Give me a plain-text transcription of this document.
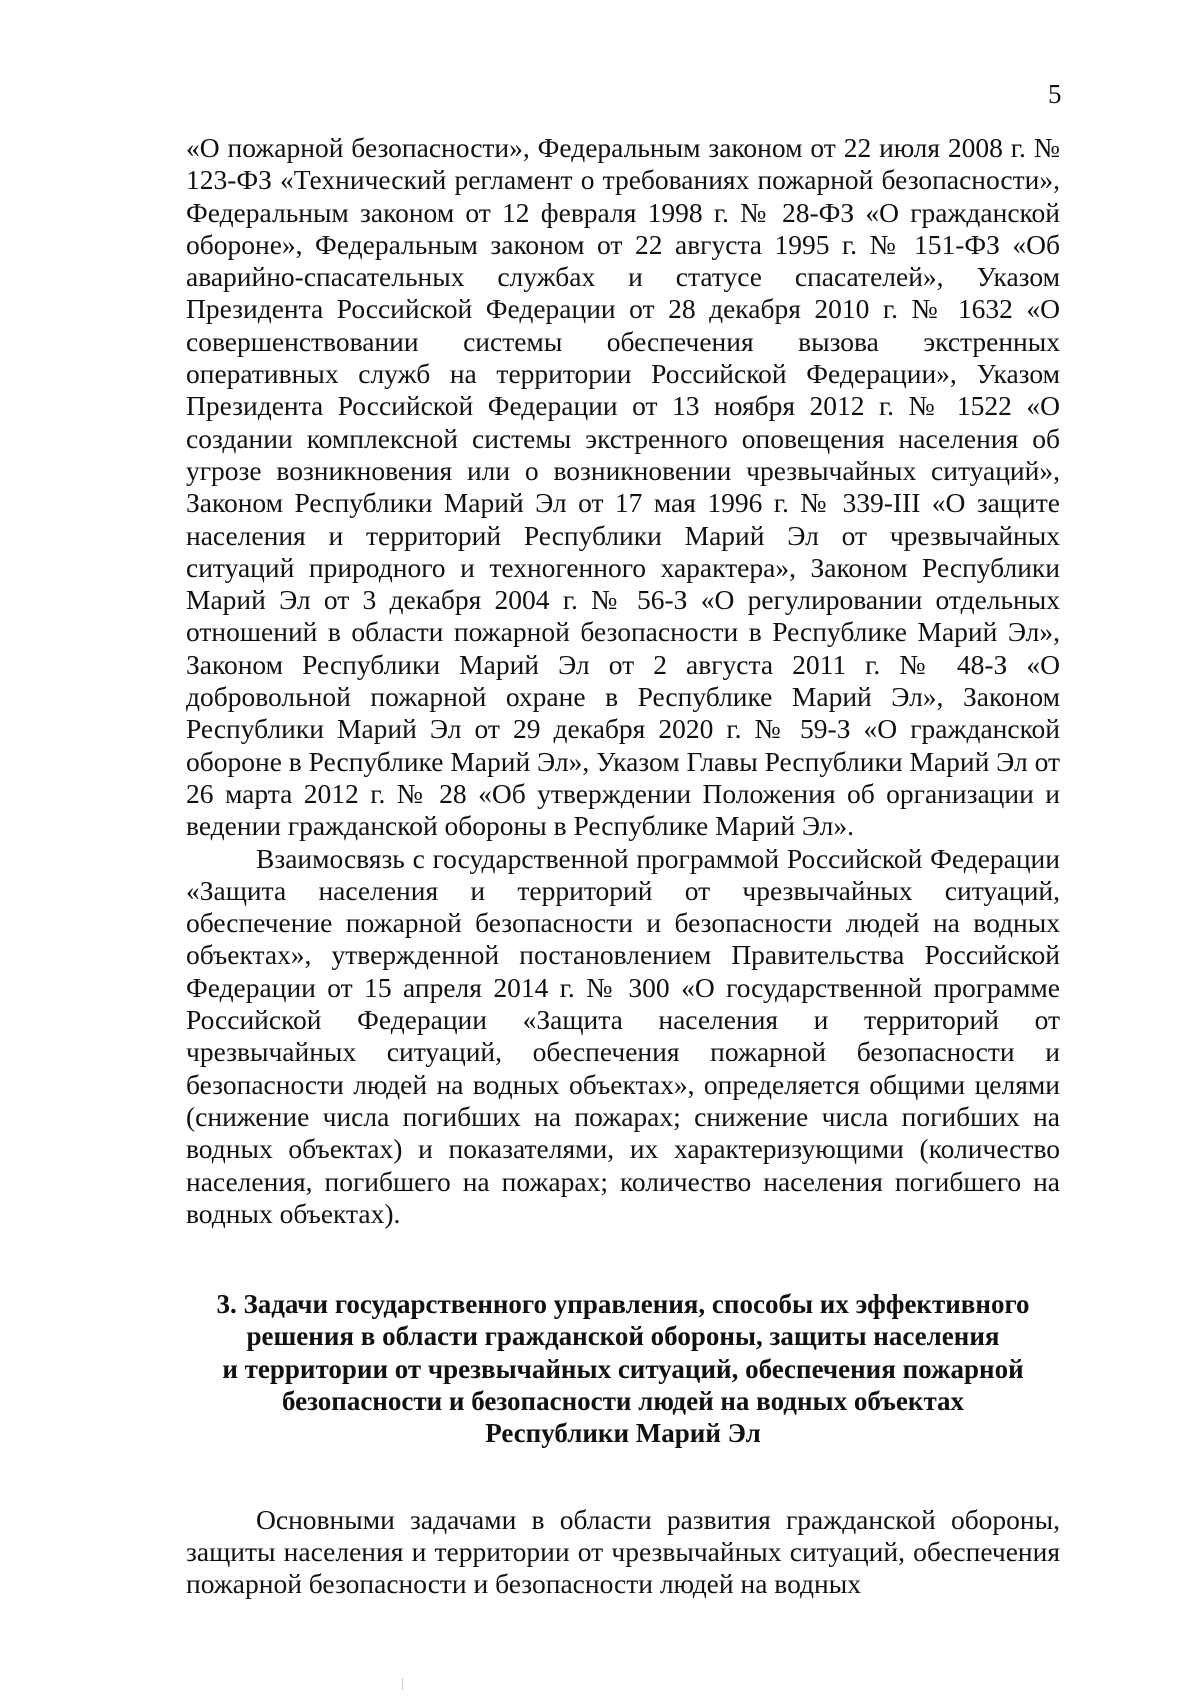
5

«О пожарной безопасности», Федеральным законом от 22 июля 2008 г. № 123-ФЗ «Технический регламент о требованиях пожарной безопасности», Федеральным законом от 12 февраля 1998 г. № 28-ФЗ «О гражданской обороне», Федеральным законом от 22 августа 1995 г. № 151-ФЗ «Об аварийно-спасательных службах и статусе спасателей», Указом Президента Российской Федерации от 28 декабря 2010 г. № 1632 «О совершенствовании системы обеспечения вызова экстренных оперативных служб на территории Российской Федерации», Указом Президента Российской Федерации от 13 ноября 2012 г. № 1522 «О создании комплексной системы экстренного оповещения населения об угрозе возникновения или о возникновении чрезвычайных ситуаций», Законом Республики Марий Эл от 17 мая 1996 г. № 339-III «О защите населения и территорий Республики Марий Эл от чрезвычайных ситуаций природного и техногенного характера», Законом Республики Марий Эл от 3 декабря 2004 г. № 56-З «О регулировании отдельных отношений в области пожарной безопасности в Республике Марий Эл», Законом Республики Марий Эл от 2 августа 2011 г. № 48-З «О добровольной пожарной охране в Республике Марий Эл», Законом Республики Марий Эл от 29 декабря 2020 г. № 59-З «О гражданской обороне в Республике Марий Эл», Указом Главы Республики Марий Эл от 26 марта 2012 г. № 28 «Об утверждении Положения об организации и ведении гражданской обороны в Республике Марий Эл».

Взаимосвязь с государственной программой Российской Федерации «Защита населения и территорий от чрезвычайных ситуаций, обеспечение пожарной безопасности и безопасности людей на водных объектах», утвержденной постановлением Правительства Российской Федерации от 15 апреля 2014 г. № 300 «О государственной программе Российской Федерации «Защита населения и территорий от чрезвычайных ситуаций, обеспечения пожарной безопасности и безопасности людей на водных объектах», определяется общими целями (снижение числа погибших на пожарах; снижение числа погибших на водных объектах) и показателями, их характеризующими (количество населения, погибшего на пожарах; количество населения погибшего на водных объектах).

3. Задачи государственного управления, способы их эффективного
решения в области гражданской обороны, защиты населения
и территории от чрезвычайных ситуаций, обеспечения пожарной
безопасности и безопасности людей на водных объектах
Республики Марий Эл

Основными задачами в области развития гражданской обороны, защиты населения и территории от чрезвычайных ситуаций, обеспечения пожарной безопасности и безопасности людей на водных
